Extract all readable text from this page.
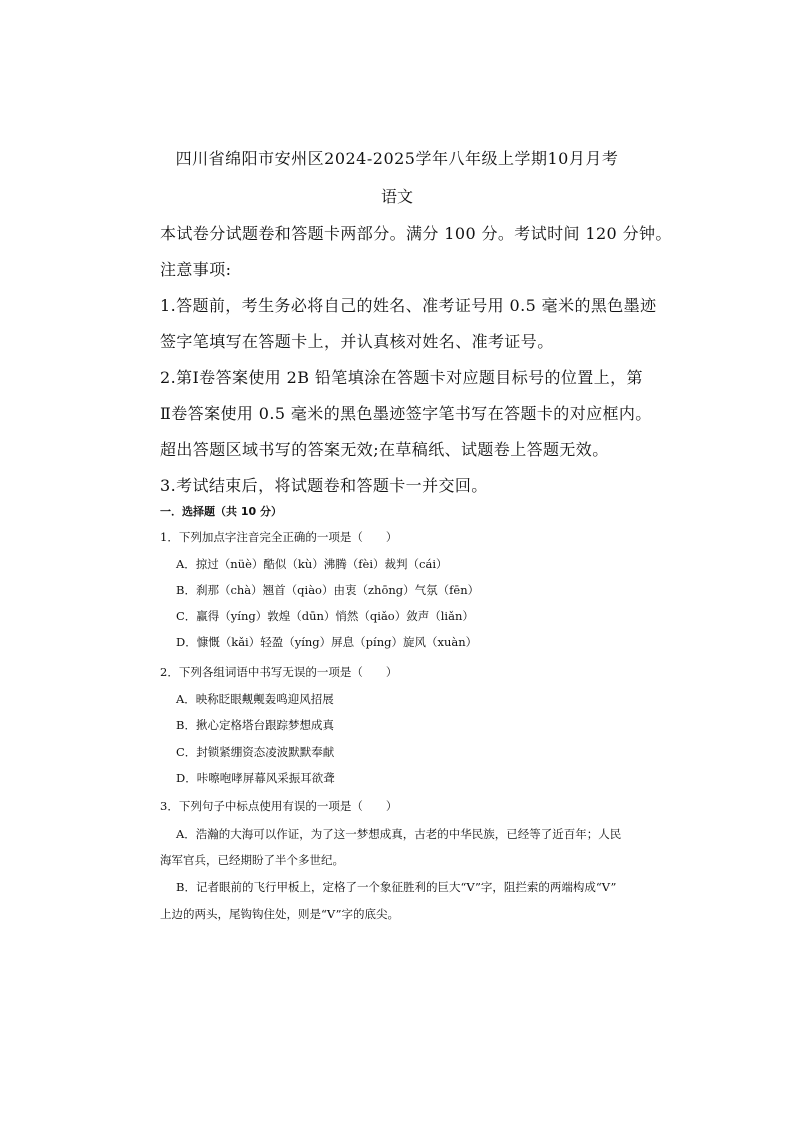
四川省绵阳市安州区2024-2025学年八年级上学期10月月考
语文
本试卷分试题卷和答题卡两部分。满分 100 分。考试时间 120 分钟。
注意事项:
1.答题前，考生务必将自己的姓名、准考证号用 0.5 毫米的黑色墨迹
签字笔填写在答题卡上，并认真核对姓名、准考证号。
2.第Ⅰ卷答案使用 2B 铅笔填涂在答题卡对应题目标号的位置上，第
Ⅱ卷答案使用 0.5 毫米的黑色墨迹签字笔书写在答题卡的对应框内。
超出答题区域书写的答案无效;在草稿纸、试题卷上答题无效。
3.考试结束后，将试题卷和答题卡一并交回。
一．选择题（共 10 分）
1．下列加点字注音完全正确的一项是（　　）
A．掠过（nüè）酷似（kù）沸腾（fèi）裁判（cái）
B．刹那（chà）翘首（qiào）由衷（zhōng）气氛（fēn）
C．赢得（yíng）敦煌（dūn）悄然（qiǎo）敛声（liǎn）
D．慷慨（kǎi）轻盈（yíng）屏息（píng）旋风（xuàn）
2．下列各组词语中书写无误的一项是（　　）
A．映称眨眼觍觍轰鸣迎风招展
B．揪心定格塔台跟踪梦想成真
C．封锁紧绷资态凌波默默奉献
D．咔嚓咆哮屏幕风采振耳欲聋
3．下列句子中标点使用有误的一项是（　　）
A．浩瀚的大海可以作证，为了这一梦想成真，古老的中华民族，已经等了近百年；人民
海军官兵，已经期盼了半个多世纪。
B．记者眼前的飞行甲板上，定格了一个象征胜利的巨大“V”字，阻拦索的两端构成“V”
上边的两头，尾钩钩住处，则是“V”字的底尖。
